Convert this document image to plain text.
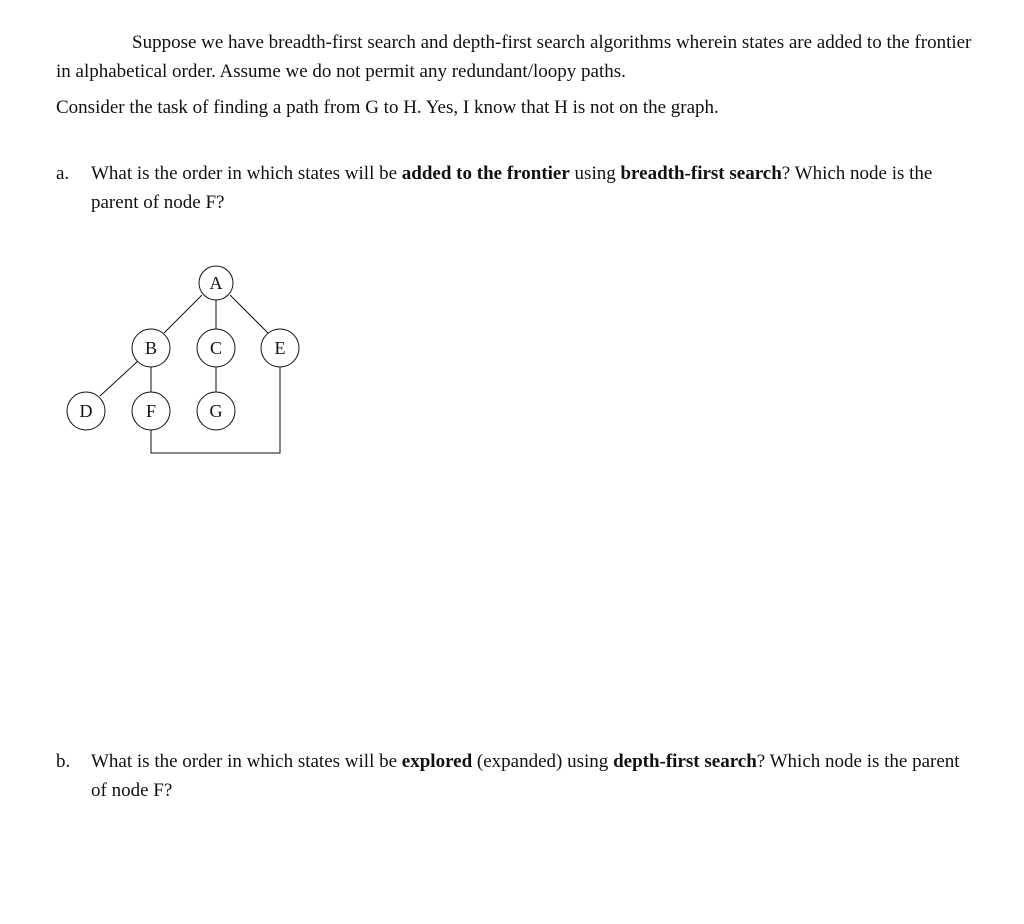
Suppose we have breadth-first search and depth-first search algorithms wherein states are added to the frontier in alphabetical order. Assume we do not permit any redundant/loopy paths.

Consider the task of finding a path from G to H. Yes, I know that H is not on the graph.

a. What is the order in which states will be added to the frontier using breadth-first search? Which node is the parent of node F?
A
B	C	E
D	F	G
b. What is the order in which states will be explored (expanded) using depth-first search? Which node is the parent of node F?
